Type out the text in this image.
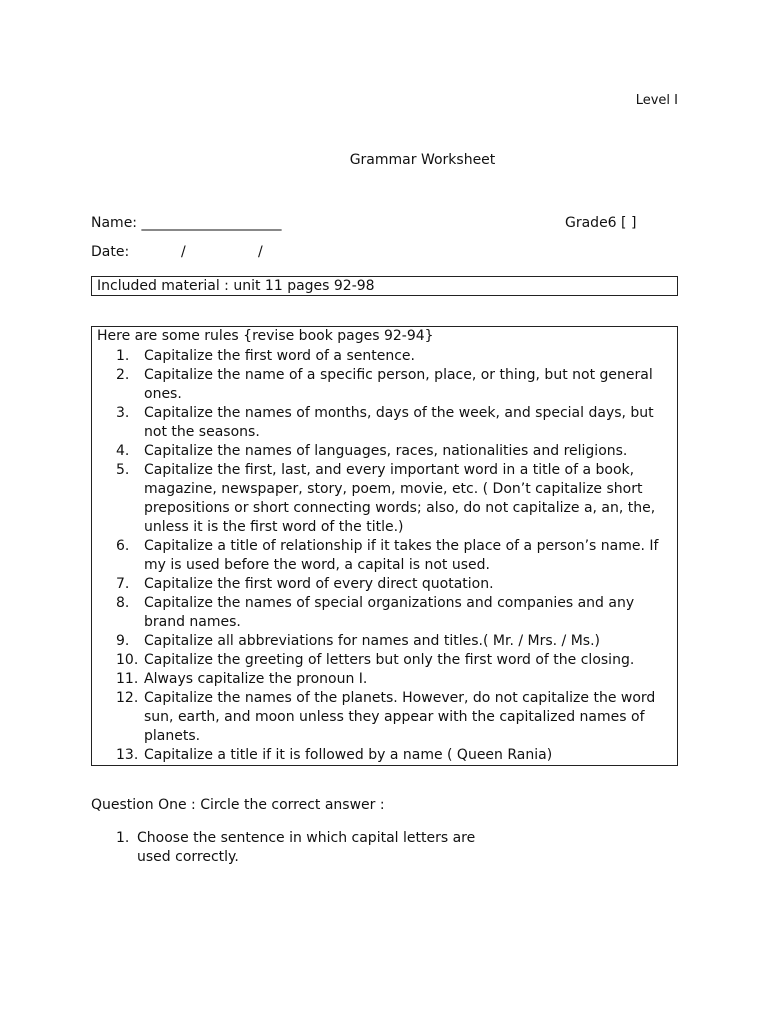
Level I
Grammar Worksheet
Name: ____________________	Grade6 [ ]
Date:	/	/
Included material : unit 11 pages 92-98
Here are some rules {revise book pages 92-94}
1.	Capitalize the first word of a sentence.
2.	Capitalize the name of a specific person, place, or thing, but not general ones.
3.	Capitalize the names of months, days of the week, and special days, but not the seasons.
4.	Capitalize the names of languages, races, nationalities and religions.
5.	Capitalize the first, last, and every important word in a title of a book, magazine, newspaper, story, poem, movie, etc. ( Don’t capitalize short prepositions or short connecting words; also, do not capitalize a, an, the, unless it is the first word of the title.)
6.	Capitalize a title of relationship if it takes the place of a person’s name. If my is used before the word, a capital is not used.
7.	Capitalize the first word of every direct quotation.
8.	Capitalize the names of special organizations and companies and any brand names.
9.	Capitalize all abbreviations for names and titles.( Mr. / Mrs. / Ms.)
10. Capitalize the greeting of letters but only the first word of the closing.
11. Always capitalize the pronoun I.
12. Capitalize the names of the planets. However, do not capitalize the word sun, earth, and moon unless they appear with the capitalized names of planets.
13. Capitalize a title if it is followed by a name ( Queen Rania)
Question One : Circle the correct answer :
1. Choose the sentence in which capital letters are used correctly.
